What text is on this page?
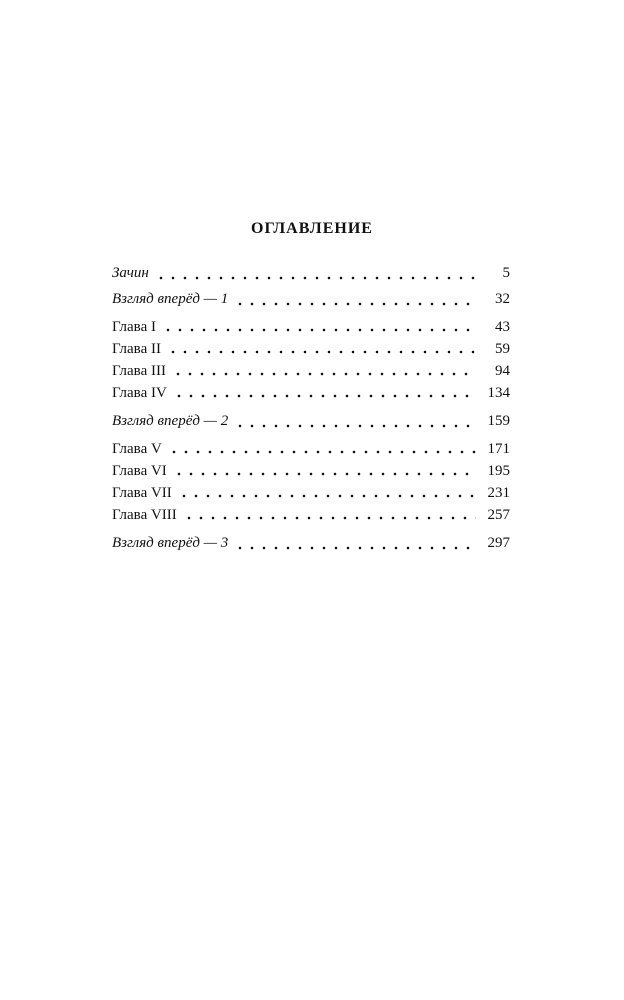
ОГЛАВЛЕНИЕ
Зачин	5
Взгляд вперёд — 1	32
Глава I	43
Глава II	59
Глава III	94
Глава IV	134
Взгляд вперёд — 2	159
Глава V	171
Глава VI	195
Глава VII	231
Глава VIII	257
Взгляд вперёд — 3	297
